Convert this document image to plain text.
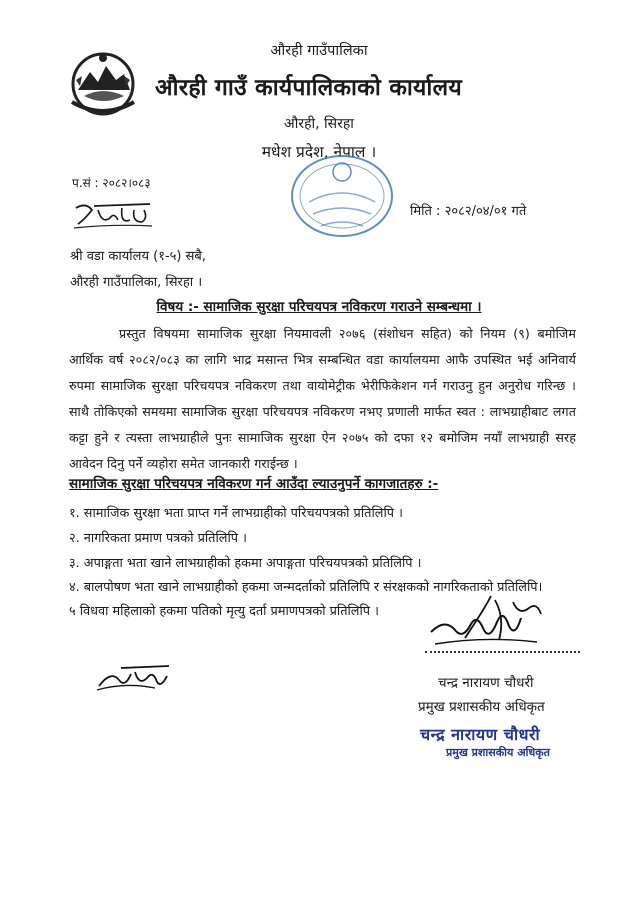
औरही गाउँपालिका
औरही गाउँ कार्यपालिकाको कार्यालय
औरही, सिरहा
मधेश प्रदेश, नेपाल ।
प.सं : २०८२।०८३
मिति : २०८२/०४/०१ गते
श्री वडा कार्यालय (१-५) सबै,
औरही गाउँपालिका, सिरहा ।
विषय :- सामाजिक सुरक्षा परिचयपत्र नविकरण गराउने सम्बन्धमा ।
प्रस्तुत विषयमा सामाजिक सुरक्षा नियमावली २०७६ (संशोधन सहित) को नियम (९) बमोजिम आर्थिक वर्ष २०८२/०८३ का लागि भाद्र मसान्त भित्र सम्बन्धित वडा कार्यालयमा आफै उपस्थित भई अनिवार्य रुपमा सामाजिक सुरक्षा परिचयपत्र नविकरण तथा वायोमेट्रीक भेरीफिकेशन गर्न गराउनु हुन अनुरोध गरिन्छ । साथै तोकिएको समयमा सामाजिक सुरक्षा परिचयपत्र नविकरण नभए प्रणाली मार्फत स्वत : लाभग्राहीबाट लगत कट्टा हुने र त्यस्ता लाभग्राहीले पुनः सामाजिक सुरक्षा ऐन २०७५ को दफा १२ बमोजिम नयाँ लाभग्राही सरह आवेदन दिनु पर्ने व्यहोरा समेत जानकारी गराईन्छ ।
सामाजिक सुरक्षा परिचयपत्र नविकरण गर्न आउँदा ल्याउनुपर्ने कागजातहरु :-
१. सामाजिक सुरक्षा भता प्राप्त गर्ने लाभग्राहीको परिचयपत्रको प्रतिलिपि ।
२. नागरिकता प्रमाण पत्रको प्रतिलिपि ।
३. अपाङ्गता भता खाने लाभग्राहीको हकमा अपाङ्गता परिचयपत्रको प्रतिलिपि ।
४. बालपोषण भता खाने लाभग्राहीको हकमा जन्मदर्ताको प्रतिलिपि र संरक्षकको नागरिकताको प्रतिलिपि।
५ विधवा महिलाको हकमा पतिको मृत्यु दर्ता प्रमाणपत्रको प्रतिलिपि ।
चन्द्र नारायण चौधरी
प्रमुख प्रशासकीय अधिकृत
चन्द्र नारायण चौधरी
प्रमुख प्रशासकीय अधिकृत
